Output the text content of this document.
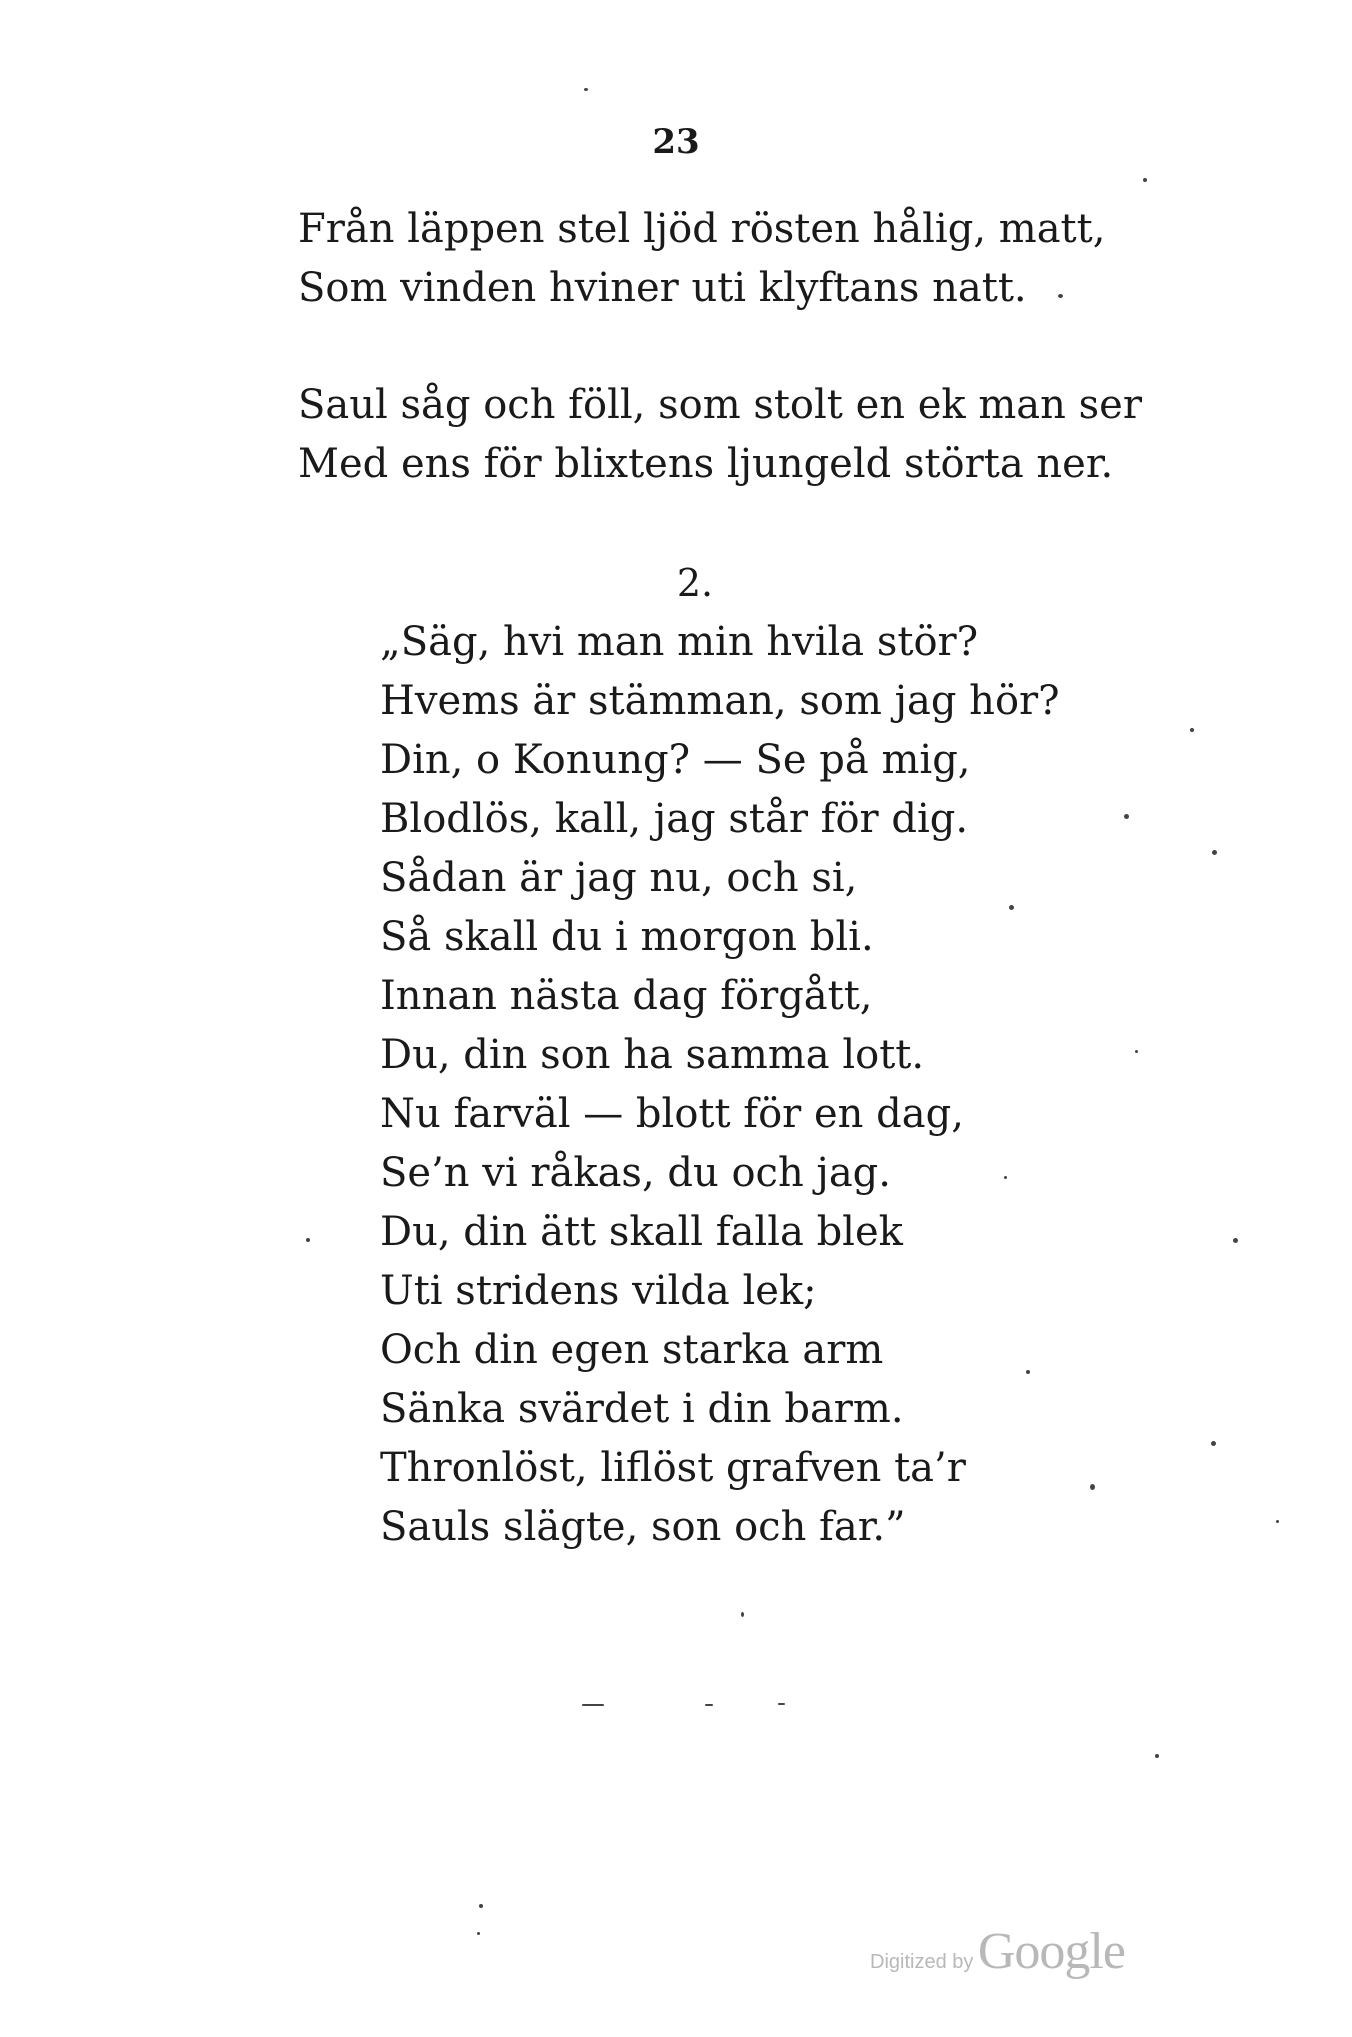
23
Från läppen stel ljöd rösten hålig, matt,
Som vinden hviner uti klyftans natt.
Saul såg och föll, som stolt en ek man ser
Med ens för blixtens ljungeld störta ner.
2.
„Säg, hvi man min hvila stör?
Hvems är stämman, som jag hör?
Din, o Konung? — Se på mig,
Blodlös, kall, jag står för dig.
Sådan är jag nu, och si,
Så skall du i morgon bli.
Innan nästa dag förgått,
Du, din son ha samma lott.
Nu farväl — blott för en dag,
Se’n vi råkas, du och jag.
Du, din ätt skall falla blek
Uti stridens vilda lek;
Och din egen starka arm
Sänka svärdet i din barm.
Thronlöst, liflöst grafven ta’r
Sauls slägte, son och far.”
Digitized by Google
